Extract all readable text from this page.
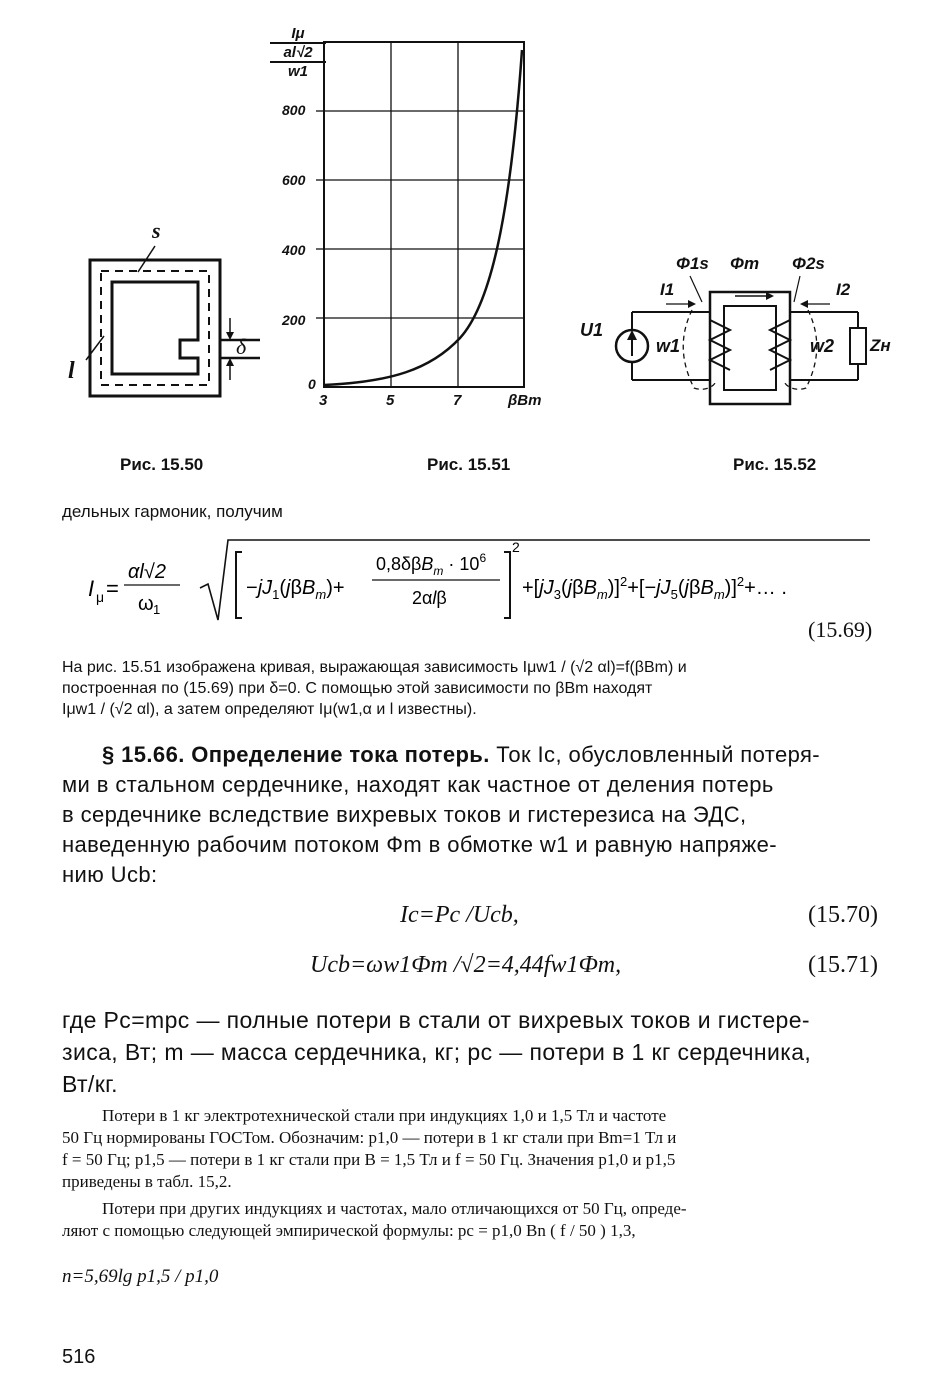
s
l
δ
Рис. 15.50
Iμ
al√2
w1
800
600
400
200
0
3	5	7	βBm
Рис. 15.51
Φ1s Φm Φ2s
I1	I2
U1
w1	w2 Zн
Рис. 15.52
дельных гармоник, получим
I μ =
αl√2
ω 1
$-jJ_1(j\beta B_m)+$
$0,8\delta\beta B_m \cdot 10^6$
2αlβ
2
$+[jJ_3(j\beta B_m)]^2+[-jJ_5(j\beta B_m)]^2+\dots$ .
(15.69)
На рис. 15.51 изображена кривая, выражающая зависимость Iμw1 / (√2 αl)=f(βBm) и
построенная по (15.69) при δ=0. С помощью этой зависимости по βBm находят
Iμw1 / (√2 αl), а затем определяют Iμ(w1,α и l известны).
§ 15.66. Определение тока потерь. Ток Ic, обусловленный потеря-
ми в стальном сердечнике, находят как частное от деления потерь
в сердечнике вследствие вихревых токов и гистерезиса на ЭДС,
наведенную рабочим потоком Фm в обмотке w1 и равную напряже-
нию Ucb:
Ic=Pc /Ucb,	(15.70)
Ucb=ωw1Фm /√2=4,44fw1Фm,	(15.71)
где Pc=mpc — полные потери в стали от вихревых токов и гистере-
зиса, Вт; m — масса сердечника, кг; pc — потери в 1 кг сердечника,
Вт/кг.
Потери в 1 кг электротехнической стали при индукциях 1,0 и 1,5 Тл и частоте
50 Гц нормированы ГОСТом. Обозначим: p1,0 — потери в 1 кг стали при Bm=1 Тл и
f = 50 Гц; p1,5 — потери в 1 кг стали при B = 1,5 Тл и f = 50 Гц. Значения p1,0 и p1,5
приведены в табл. 15,2.
Потери при других индукциях и частотах, мало отличающихся от 50 Гц, опреде-
ляют с помощью следующей эмпирической формулы: pc = p1,0 Bn ( f / 50 ) 1,3,
n=5,69lg p1,5 / p1,0
516
